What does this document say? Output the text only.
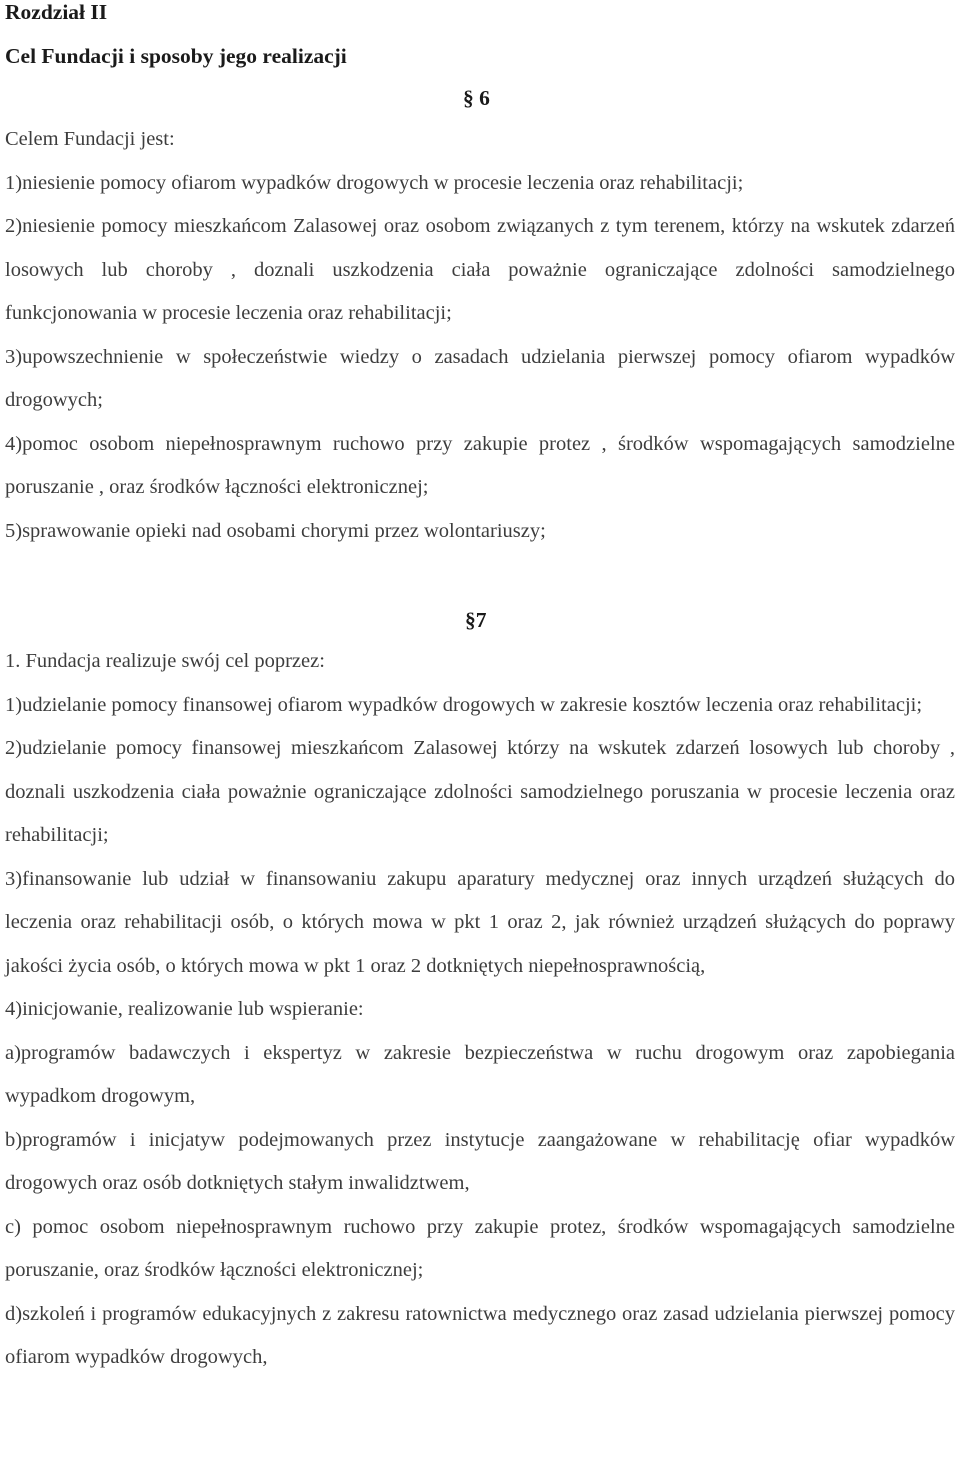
Rozdział II
Cel Fundacji i sposoby jego realizacji
§ 6

Celem Fundacji jest:

1)niesienie pomocy ofiarom wypadków drogowych w procesie leczenia oraz rehabilitacji;

2)niesienie pomocy mieszkańcom Zalasowej oraz osobom związanych z tym terenem, którzy na wskutek zdarzeń losowych lub choroby , doznali uszkodzenia ciała poważnie ograniczające zdolności samodzielnego funkcjonowania w procesie leczenia oraz rehabilitacji;

3)upowszechnienie w społeczeństwie wiedzy o zasadach udzielania pierwszej pomocy ofiarom wypadków drogowych;

4)pomoc osobom niepełnosprawnym ruchowo przy zakupie protez , środków wspomagających samodzielne poruszanie , oraz środków łączności elektronicznej;

5)sprawowanie opieki nad osobami chorymi przez wolontariuszy;

§7

1. Fundacja realizuje swój cel poprzez:

1)udzielanie pomocy finansowej ofiarom wypadków drogowych w zakresie kosztów leczenia oraz rehabilitacji;

2)udzielanie pomocy finansowej mieszkańcom Zalasowej którzy na wskutek zdarzeń losowych lub choroby , doznali uszkodzenia ciała poważnie ograniczające zdolności samodzielnego poruszania w procesie leczenia oraz rehabilitacji;

3)finansowanie lub udział w finansowaniu zakupu aparatury medycznej oraz innych urządzeń służących do leczenia oraz rehabilitacji osób, o których mowa w pkt 1 oraz 2, jak również urządzeń służących do poprawy jakości życia osób, o których mowa w pkt 1 oraz 2 dotkniętych niepełnosprawnością,

4)inicjowanie, realizowanie lub wspieranie:

a)programów badawczych i ekspertyz w zakresie bezpieczeństwa w ruchu drogowym oraz zapobiegania wypadkom drogowym,

b)programów i inicjatyw podejmowanych przez instytucje zaangażowane w rehabilitację ofiar wypadków drogowych oraz osób dotkniętych stałym inwalidztwem,

c) pomoc osobom niepełnosprawnym ruchowo przy zakupie protez, środków wspomagających samodzielne poruszanie, oraz środków łączności elektronicznej;

d)szkoleń i programów edukacyjnych z zakresu ratownictwa medycznego oraz zasad udzielania pierwszej pomocy ofiarom wypadków drogowych,
